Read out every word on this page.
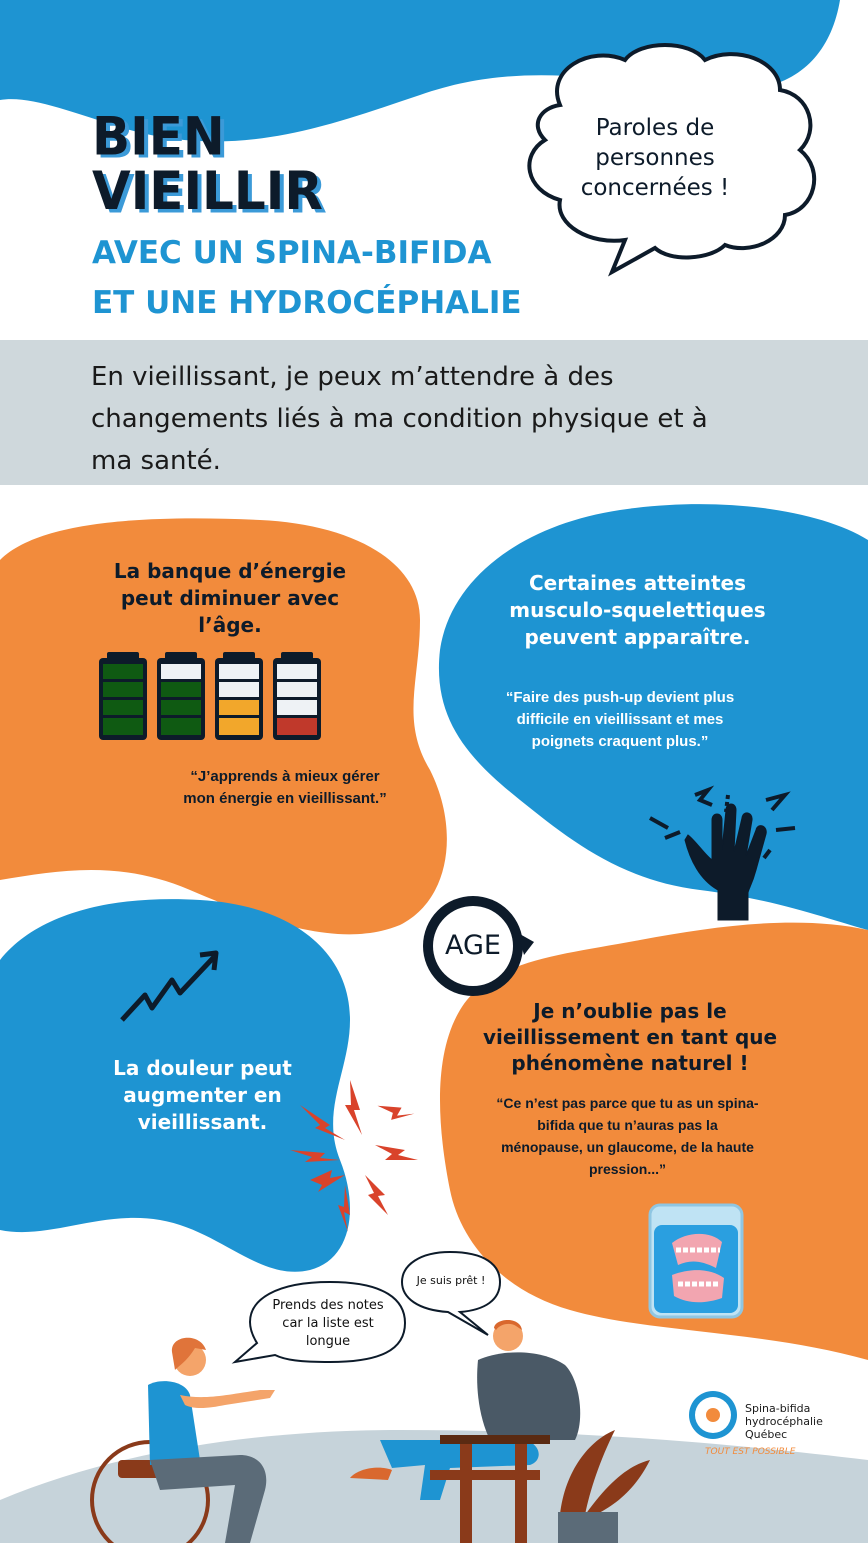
BIEN
VIEILLIR
AVEC UN SPINA-BIFIDA
ET UNE HYDROCÉPHALIE
Paroles de
personnes
concernées !
En vieillissant, je peux m’attendre à des
changements liés à ma condition physique et à
ma santé.
La banque d’énergie
peut diminuer avec
l’âge.
“J’apprends à mieux gérer
mon énergie en vieillissant.”
Certaines atteintes
musculo-squelettiques
peuvent apparaître.
“Faire des push-up devient plus
difficile en vieillissant et mes
poignets craquent plus.”
La douleur peut
augmenter en
vieillissant.
AGE
Je n’oublie pas le
vieillissement en tant que
phénomène naturel !
“Ce n’est pas parce que tu as un spina-
bifida que tu n’auras pas la
ménopause, un glaucome, de la haute
pression...”
Prends des notes
car la liste est
longue
Je suis prêt !
Spina-bifida
hydrocéphalie
Québec
TOUT EST POSSIBLE
